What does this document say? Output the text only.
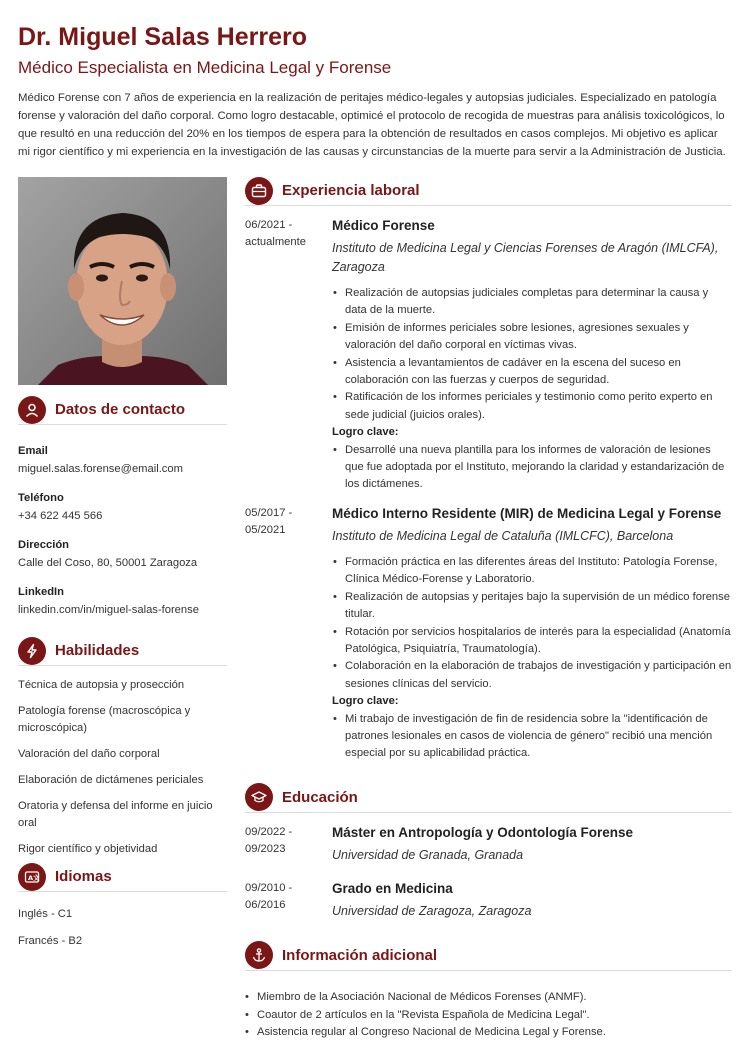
Dr. Miguel Salas Herrero
Médico Especialista en Medicina Legal y Forense
Médico Forense con 7 años de experiencia en la realización de peritajes médico-legales y autopsias judiciales. Especializado en patología forense y valoración del daño corporal. Como logro destacable, optimicé el protocolo de recogida de muestras para análisis toxicológicos, lo que resultó en una reducción del 20% en los tiempos de espera para la obtención de resultados en casos complejos. Mi objetivo es aplicar mi rigor científico y mi experiencia en la investigación de las causas y circunstancias de la muerte para servir a la Administración de Justicia.
Datos de contacto
Email
miguel.salas.forense@email.com
Teléfono
+34 622 445 566
Dirección
Calle del Coso, 80, 50001 Zaragoza
LinkedIn
linkedin.com/in/miguel-salas-forense
Habilidades
Técnica de autopsia y prosección
Patología forense (macroscópica y microscópica)
Valoración del daño corporal
Elaboración de dictámenes periciales
Oratoria y defensa del informe en juicio oral
Rigor científico y objetividad
A 文 Idiomas
Inglés - C1
Francés - B2
Experiencia laboral
06/2021 - actualmente
Médico Forense
Instituto de Medicina Legal y Ciencias Forenses de Aragón (IMLCFA), Zaragoza
• Realización de autopsias judiciales completas para determinar la causa y data de la muerte.
• Emisión de informes periciales sobre lesiones, agresiones sexuales y valoración del daño corporal en víctimas vivas.
• Asistencia a levantamientos de cadáver en la escena del suceso en colaboración con las fuerzas y cuerpos de seguridad.
• Ratificación de los informes periciales y testimonio como perito experto en sede judicial (juicios orales).
Logro clave:
• Desarrollé una nueva plantilla para los informes de valoración de lesiones que fue adoptada por el Instituto, mejorando la claridad y estandarización de los dictámenes.
05/2017 - 05/2021
Médico Interno Residente (MIR) de Medicina Legal y Forense
Instituto de Medicina Legal de Cataluña (IMLCFC), Barcelona
• Formación práctica en las diferentes áreas del Instituto: Patología Forense, Clínica Médico-Forense y Laboratorio.
• Realización de autopsias y peritajes bajo la supervisión de un médico forense titular.
• Rotación por servicios hospitalarios de interés para la especialidad (Anatomía Patológica, Psiquiatría, Traumatología).
• Colaboración en la elaboración de trabajos de investigación y participación en sesiones clínicas del servicio.
Logro clave:
• Mi trabajo de investigación de fin de residencia sobre la "identificación de patrones lesionales en casos de violencia de género" recibió una mención especial por su aplicabilidad práctica.
Educación
09/2022 - 09/2023
Máster en Antropología y Odontología Forense
Universidad de Granada, Granada
09/2010 - 06/2016
Grado en Medicina
Universidad de Zaragoza, Zaragoza
Información adicional
• Miembro de la Asociación Nacional de Médicos Forenses (ANMF).
• Coautor de 2 artículos en la "Revista Española de Medicina Legal".
• Asistencia regular al Congreso Nacional de Medicina Legal y Forense.
